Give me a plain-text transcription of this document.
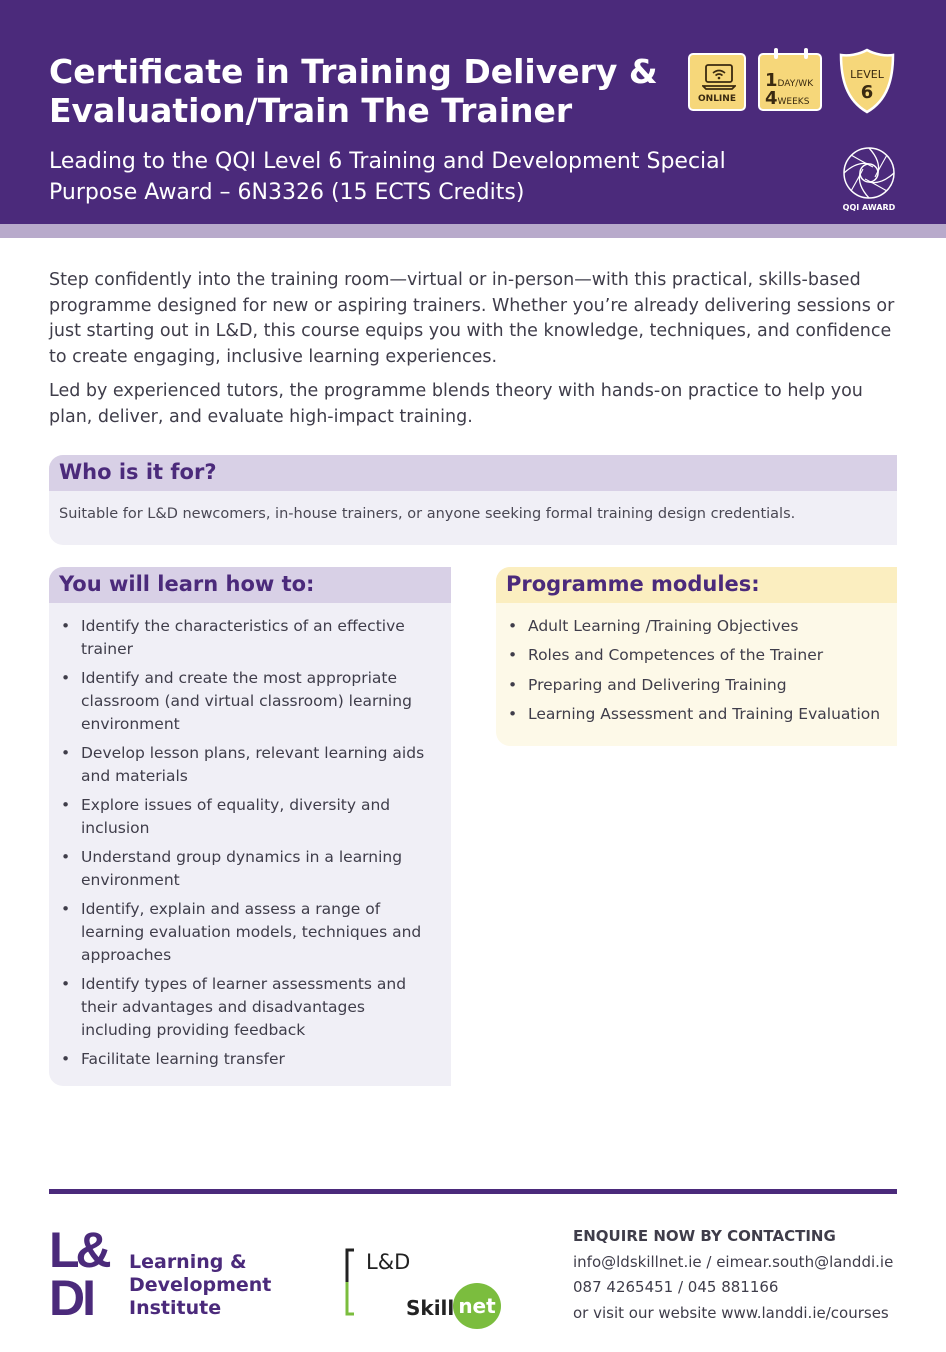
Certificate in Training Delivery &
Evaluation/Train The Trainer
Leading to the QQI Level 6 Training and Development Special
Purpose Award – 6N3326 (15 ECTS Credits)
ONLINE
1DAY/WK
4WEEKS
LEVEL
6
QQI AWARD

Step confidently into the training room—virtual or in-person—with this practical, skills-based programme designed for new or aspiring trainers. Whether you’re already delivering sessions or just starting out in L&D, this course equips you with the knowledge, techniques, and confidence to create engaging, inclusive learning experiences.

Led by experienced tutors, the programme blends theory with hands-on practice to help you plan, deliver, and evaluate high-impact training.

Who is it for?
Suitable for L&D newcomers, in-house trainers, or anyone seeking formal training design credentials.
You will learn how to:
• Identify the characteristics of an effective trainer
• Identify and create the most appropriate classroom (and virtual classroom) learning environment
• Develop lesson plans, relevant learning aids and materials
• Explore issues of equality, diversity and inclusion
• Understand group dynamics in a learning environment
• Identify, explain and assess a range of learning evaluation models, techniques and approaches
• Identify types of learner assessments and their advantages and disadvantages including providing feedback
• Facilitate learning transfer
Programme modules:
• Adult Learning /Training Objectives
• Roles and Competences of the Trainer
• Preparing and Delivering Training
• Learning Assessment and Training Evaluation
L&
DI
Learning &
Development
Institute
L&D
net
Skill
ENQUIRE NOW BY CONTACTING
info@ldskillnet.ie / eimear.south@landdi.ie
087 4265451 / 045 881166
or visit our website www.landdi.ie/courses
